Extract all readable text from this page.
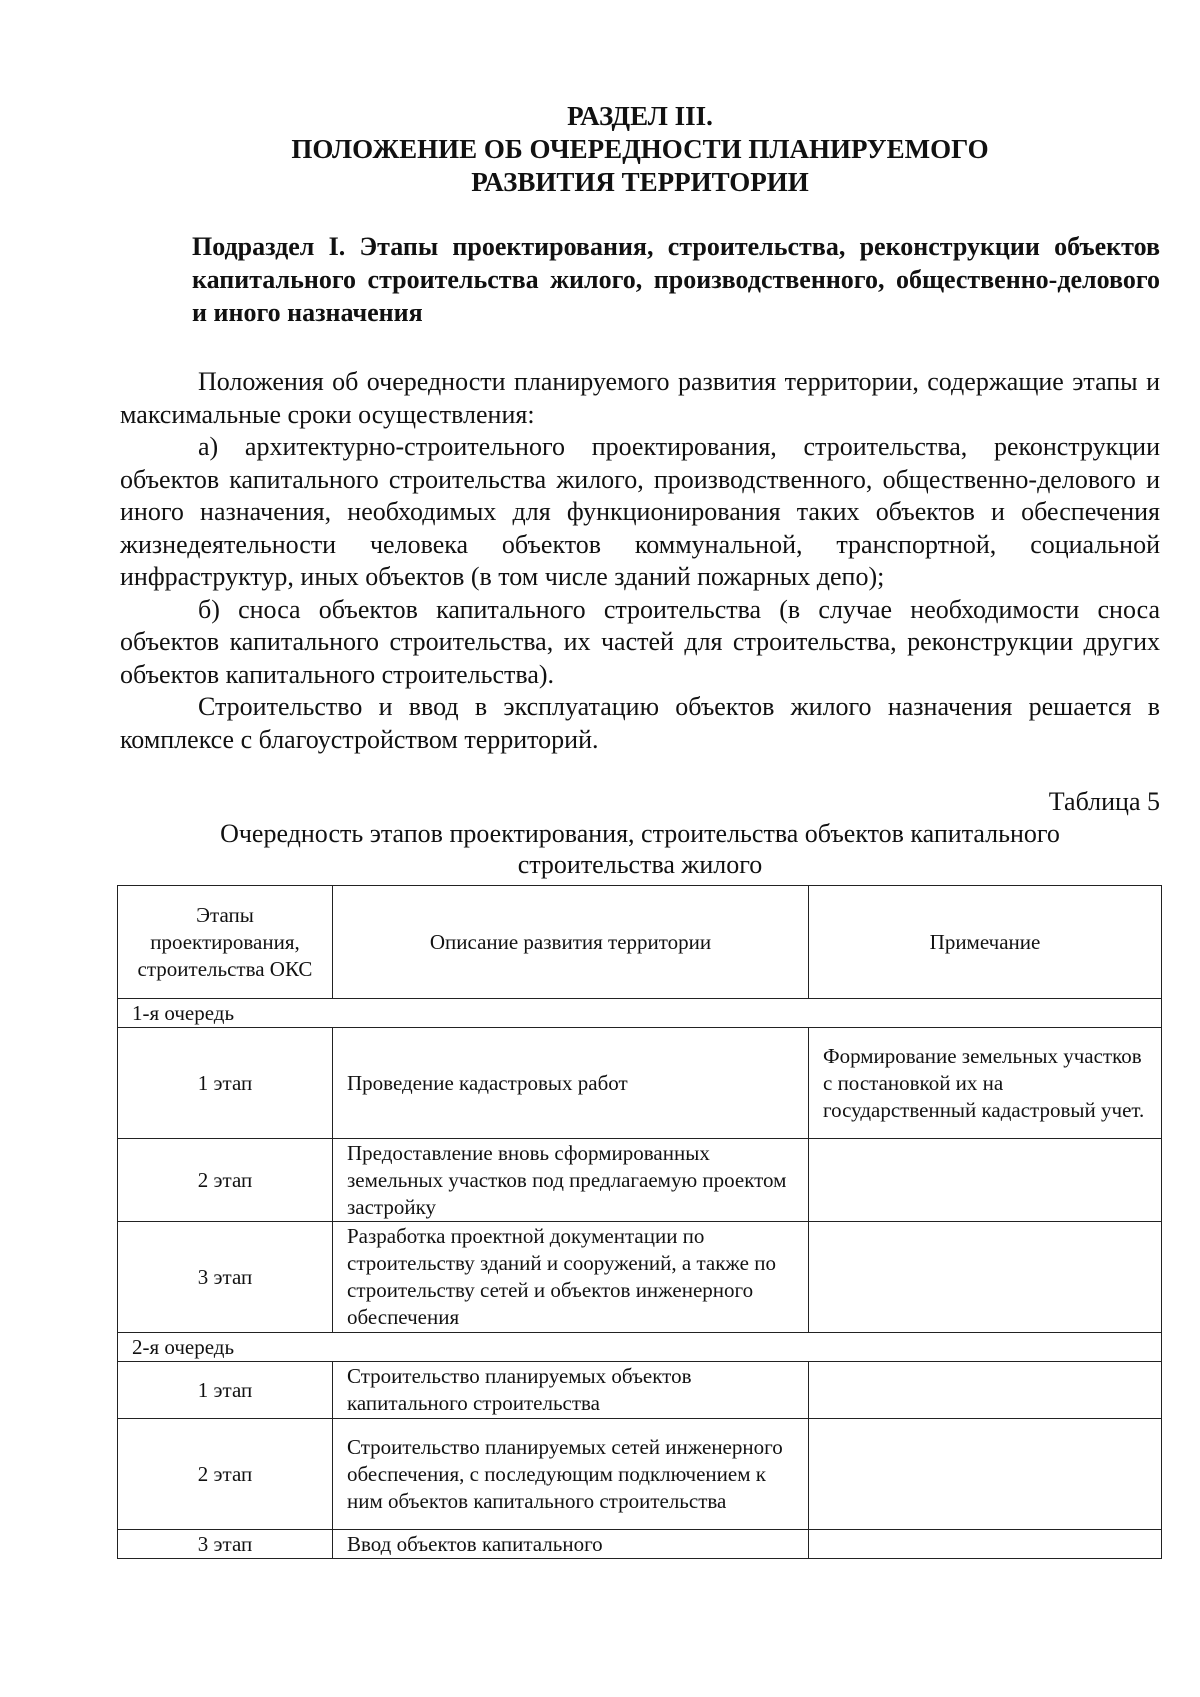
РАЗДЕЛ III.
ПОЛОЖЕНИЕ ОБ ОЧЕРЕДНОСТИ ПЛАНИРУЕМОГО
РАЗВИТИЯ ТЕРРИТОРИИ
Подраздел I. Этапы проектирования, строительства, реконструкции объектов капитального строительства жилого, производственного, общественно-делового и иного назначения

Положения об очередности планируемого развития территории, содержащие этапы и максимальные сроки осуществления:

а) архитектурно-строительного проектирования, строительства, реконструкции объектов капитального строительства жилого, производственного, общественно-делового и иного назначения, необходимых для функционирования таких объектов и обеспечения жизнедеятельности человека объектов коммунальной, транспортной, социальной инфраструктур, иных объектов (в том числе зданий пожарных депо);

б) сноса объектов капитального строительства (в случае необходимости сноса объектов капитального строительства, их частей для строительства, реконструкции других объектов капитального строительства).

Строительство и ввод в эксплуатацию объектов жилого назначения решается в комплексе с благоустройством территорий.

Таблица 5
Очередность этапов проектирования, строительства объектов капитального
строительства жилого
Этапы проектирования, строительства ОКС	Описание развития территории	Примечание
1-я очередь		
1 этап	Проведение кадастровых работ	Формирование земельных участков с постановкой их на государственный кадастровый учет.
2 этап	Предоставление вновь сформированных земельных участков под предлагаемую проектом застройку	
3 этап	Разработка проектной документации по строительству зданий и сооружений, а также по строительству сетей и объектов инженерного обеспечения	
2-я очередь		
1 этап	Строительство планируемых объектов капитального строительства	
2 этап	Строительство планируемых сетей инженерного обеспечения, с последующим подключением к ним объектов капитального строительства	
3 этап	Ввод объектов капитального	
